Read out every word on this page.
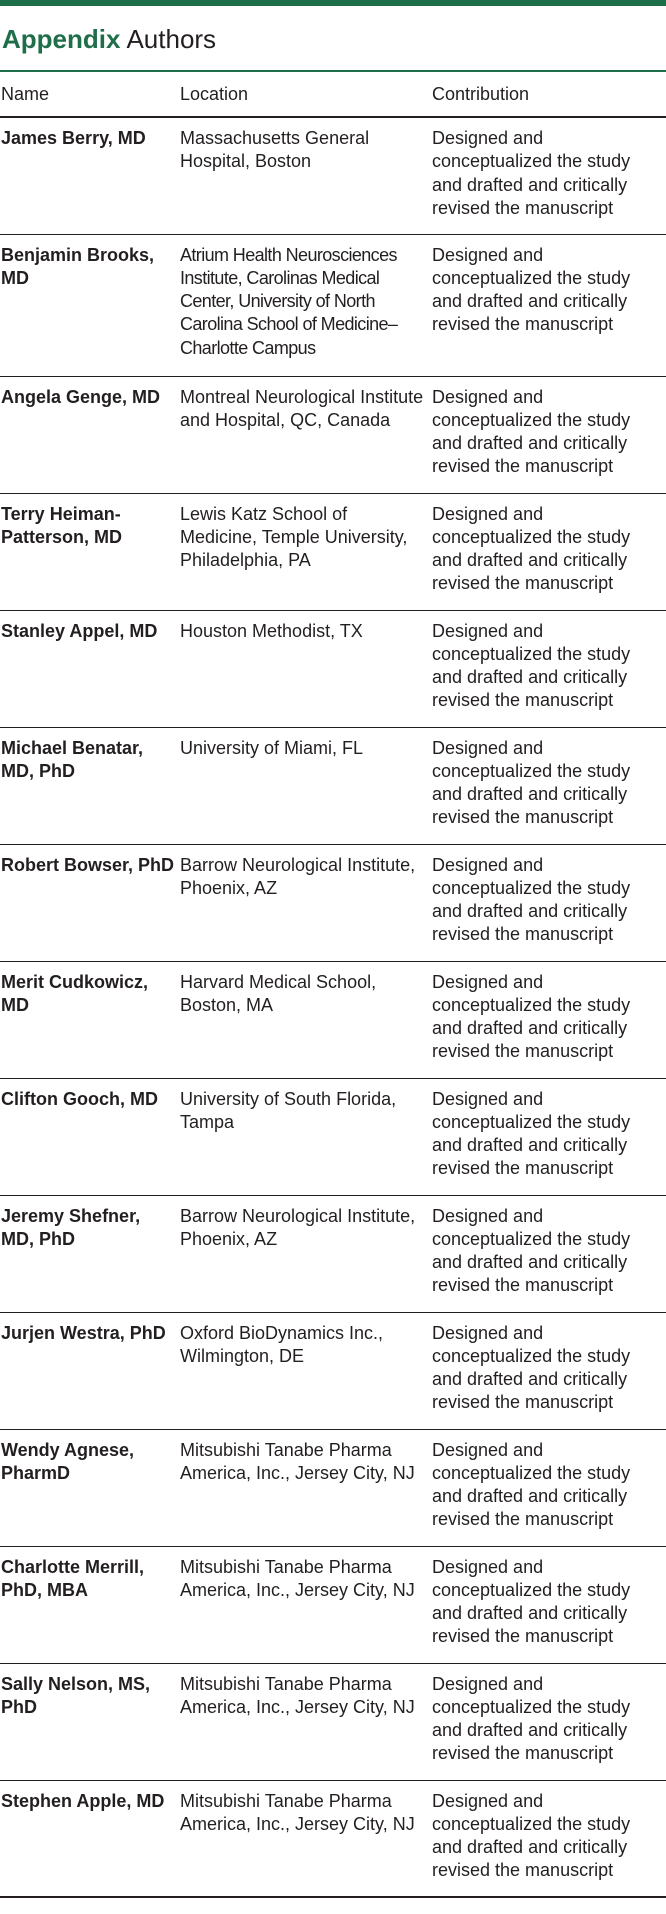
Appendix Authors
Name	Location	Contribution
James Berry, MD	Massachusetts General Hospital, Boston	Designed and conceptualized the study and drafted and critically revised the manuscript
Benjamin Brooks, MD	Atrium Health Neurosciences Institute, Carolinas Medical Center, University of North Carolina School of Medicine–Charlotte Campus	Designed and conceptualized the study and drafted and critically revised the manuscript
Angela Genge, MD	Montreal Neurological Institute and Hospital, QC, Canada	Designed and conceptualized the study and drafted and critically revised the manuscript
Terry Heiman-Patterson, MD	Lewis Katz School of Medicine, Temple University, Philadelphia, PA	Designed and conceptualized the study and drafted and critically revised the manuscript
Stanley Appel, MD	Houston Methodist, TX	Designed and conceptualized the study and drafted and critically revised the manuscript
Michael Benatar, MD, PhD	University of Miami, FL	Designed and conceptualized the study and drafted and critically revised the manuscript
Robert Bowser, PhD	Barrow Neurological Institute, Phoenix, AZ	Designed and conceptualized the study and drafted and critically revised the manuscript
Merit Cudkowicz, MD	Harvard Medical School, Boston, MA	Designed and conceptualized the study and drafted and critically revised the manuscript
Clifton Gooch, MD	University of South Florida, Tampa	Designed and conceptualized the study and drafted and critically revised the manuscript
Jeremy Shefner, MD, PhD	Barrow Neurological Institute, Phoenix, AZ	Designed and conceptualized the study and drafted and critically revised the manuscript
Jurjen Westra, PhD	Oxford BioDynamics Inc., Wilmington, DE	Designed and conceptualized the study and drafted and critically revised the manuscript
Wendy Agnese, PharmD	Mitsubishi Tanabe Pharma America, Inc., Jersey City, NJ	Designed and conceptualized the study and drafted and critically revised the manuscript
Charlotte Merrill, PhD, MBA	Mitsubishi Tanabe Pharma America, Inc., Jersey City, NJ	Designed and conceptualized the study and drafted and critically revised the manuscript
Sally Nelson, MS, PhD	Mitsubishi Tanabe Pharma America, Inc., Jersey City, NJ	Designed and conceptualized the study and drafted and critically revised the manuscript
Stephen Apple, MD	Mitsubishi Tanabe Pharma America, Inc., Jersey City, NJ	Designed and conceptualized the study and drafted and critically revised the manuscript
